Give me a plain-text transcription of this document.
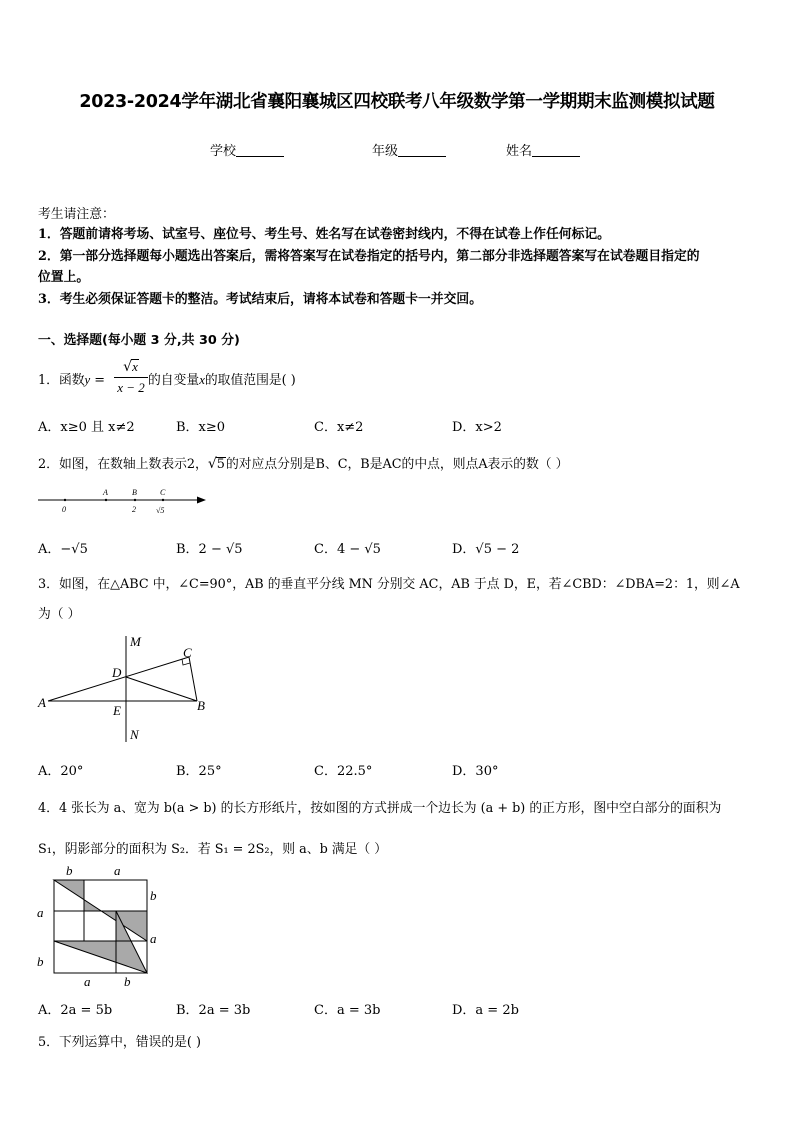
2023-2024学年湖北省襄阳襄城区四校联考八年级数学第一学期期末监测模拟试题
学校	年级	姓名
考生请注意：
1．答题前请将考场、试室号、座位号、考生号、姓名写在试卷密封线内，不得在试卷上作任何标记。
2．第一部分选择题每小题选出答案后，需将答案写在试卷指定的括号内，第二部分非选择题答案写在试卷题目指定的
位置上。
3．考生必须保证答题卡的整洁。考试结束后，请将本试卷和答题卡一并交回。
一、选择题(每小题 3 分,共 30 分)
1．函数y =
√x
x − 2 的自变量x的取值范围是( )
A．x≥0 且 x≠2	B．x≥0	C．x≠2	D．x>2
2．如图，在数轴上数表示2，√5的对应点分别是B、C，B是AC的中点，则点A表示的数（ ）
A	B	C
0	2	√5
A．−√5	B．2 − √5	C．4 − √5	D．√5 − 2
3．如图，在△ABC 中，∠C=90°，AB 的垂直平分线 MN 分别交 AC，AB 于点 D，E，若∠CBD：∠DBA=2：1，则∠A
为（ ）
M
C
D
A
E	B
N
A．20°	B．25°	C．22.5°	D．30°
4．4 张长为 a、宽为 b(a > b) 的长方形纸片，按如图的方式拼成一个边长为 (a + b) 的正方形，图中空白部分的面积为
S₁，阴影部分的面积为 S₂．若 S₁ = 2S₂，则 a、b 满足（ ）
b	a
b
a
a
b
a	b
A．2a = 5b	B．2a = 3b	C．a = 3b	D．a = 2b
5．下列运算中，错误的是( )
